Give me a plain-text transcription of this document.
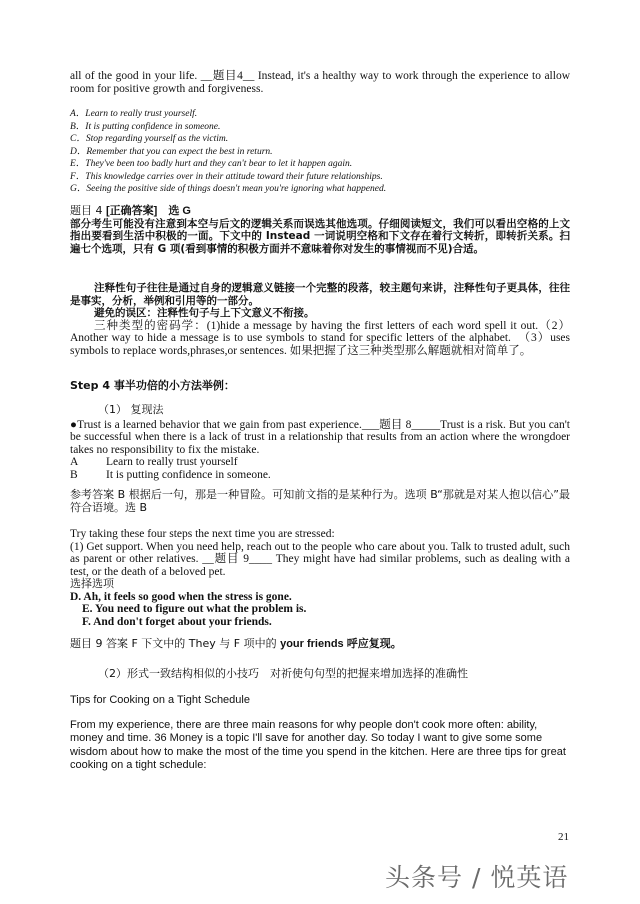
all of the good in your life. __题目4__ Instead, it's a healthy way to work through the experience to allow room for positive growth and forgiveness.

A．Learn to really trust yourself.

B．It is putting confidence in someone.

C．Stop regarding yourself as the victim.

D．Remember that you can expect the best in return.

E．They've been too badly hurt and they can't bear to let it happen again.

F．This knowledge carries over in their attitude toward their future relationships.

G．Seeing the positive side of things doesn't mean you're ignoring what happened.

题目 4 [正确答案]　选 G

部分考生可能没有注意到本空与后文的逻辑关系而误选其他选项。仔细阅读短文，我们可以看出空格的上文指出要看到生活中积极的一面。下文中的 Instead 一词说明空格和下文存在着行文转折，即转折关系。扫遍七个选项，只有 G 项(看到事情的积极方面并不意味着你对发生的事情视而不见)合适。

注释性句子往往是通过自身的逻辑意义链接一个完整的段落，较主题句来讲，注释性句子更具体，往往是事实，分析，举例和引用等的一部分。

避免的误区：注释性句子与上下文意义不衔接。

三种类型的密码学：(1)hide a message by having the first letters of each word spell it out.（2）Another way to hide a message is to use symbols to stand for specific letters of the alphabet.　（3）uses symbols to replace words,phrases,or sentences. 如果把握了这三种类型那么解题就相对简单了。

Step 4 事半功倍的小方法举例：

（1） 复现法

●Trust is a learned behavior that we gain from past experience.___题目 8_____Trust is a risk. But you can't be successful when there is a lack of trust in a relationship that results from an action where the wrongdoer takes no responsibility to fix the mistake.

A	Learn to really trust yourself
B	It is putting confidence in someone.

参考答案 B 根据后一句，那是一种冒险。可知前文指的是某种行为。选项 B“那就是对某人抱以信心”最符合语境。选 B

Try taking these four steps the next time you are stressed:

(1) Get support. When you need help, reach out to the people who care about you. Talk to trusted adult, such as parent or other relatives. __题目 9____ They might have had similar problems, such as dealing with a test, or the death of a beloved pet.

选择选项

D. Ah, it feels so good when the stress is gone.

E. You need to figure out what the problem is.

F. And don't forget about your friends.

题目 9 答案 F 下文中的 They 与 F 项中的 your friends 呼应复现。

（2）形式一致结构相似的小技巧　对祈使句句型的把握来增加选择的准确性

Tips for Cooking on a Tight Schedule

From my experience, there are three main reasons for why people don't cook more often: ability, money and time. 36 Money is a topic I'll save for another day. So today I want to give some some wisdom about how to make the most of the time you spend in the kitchen. Here are three tips for great cooking on a tight schedule:

21
头条号 / 悦英语
